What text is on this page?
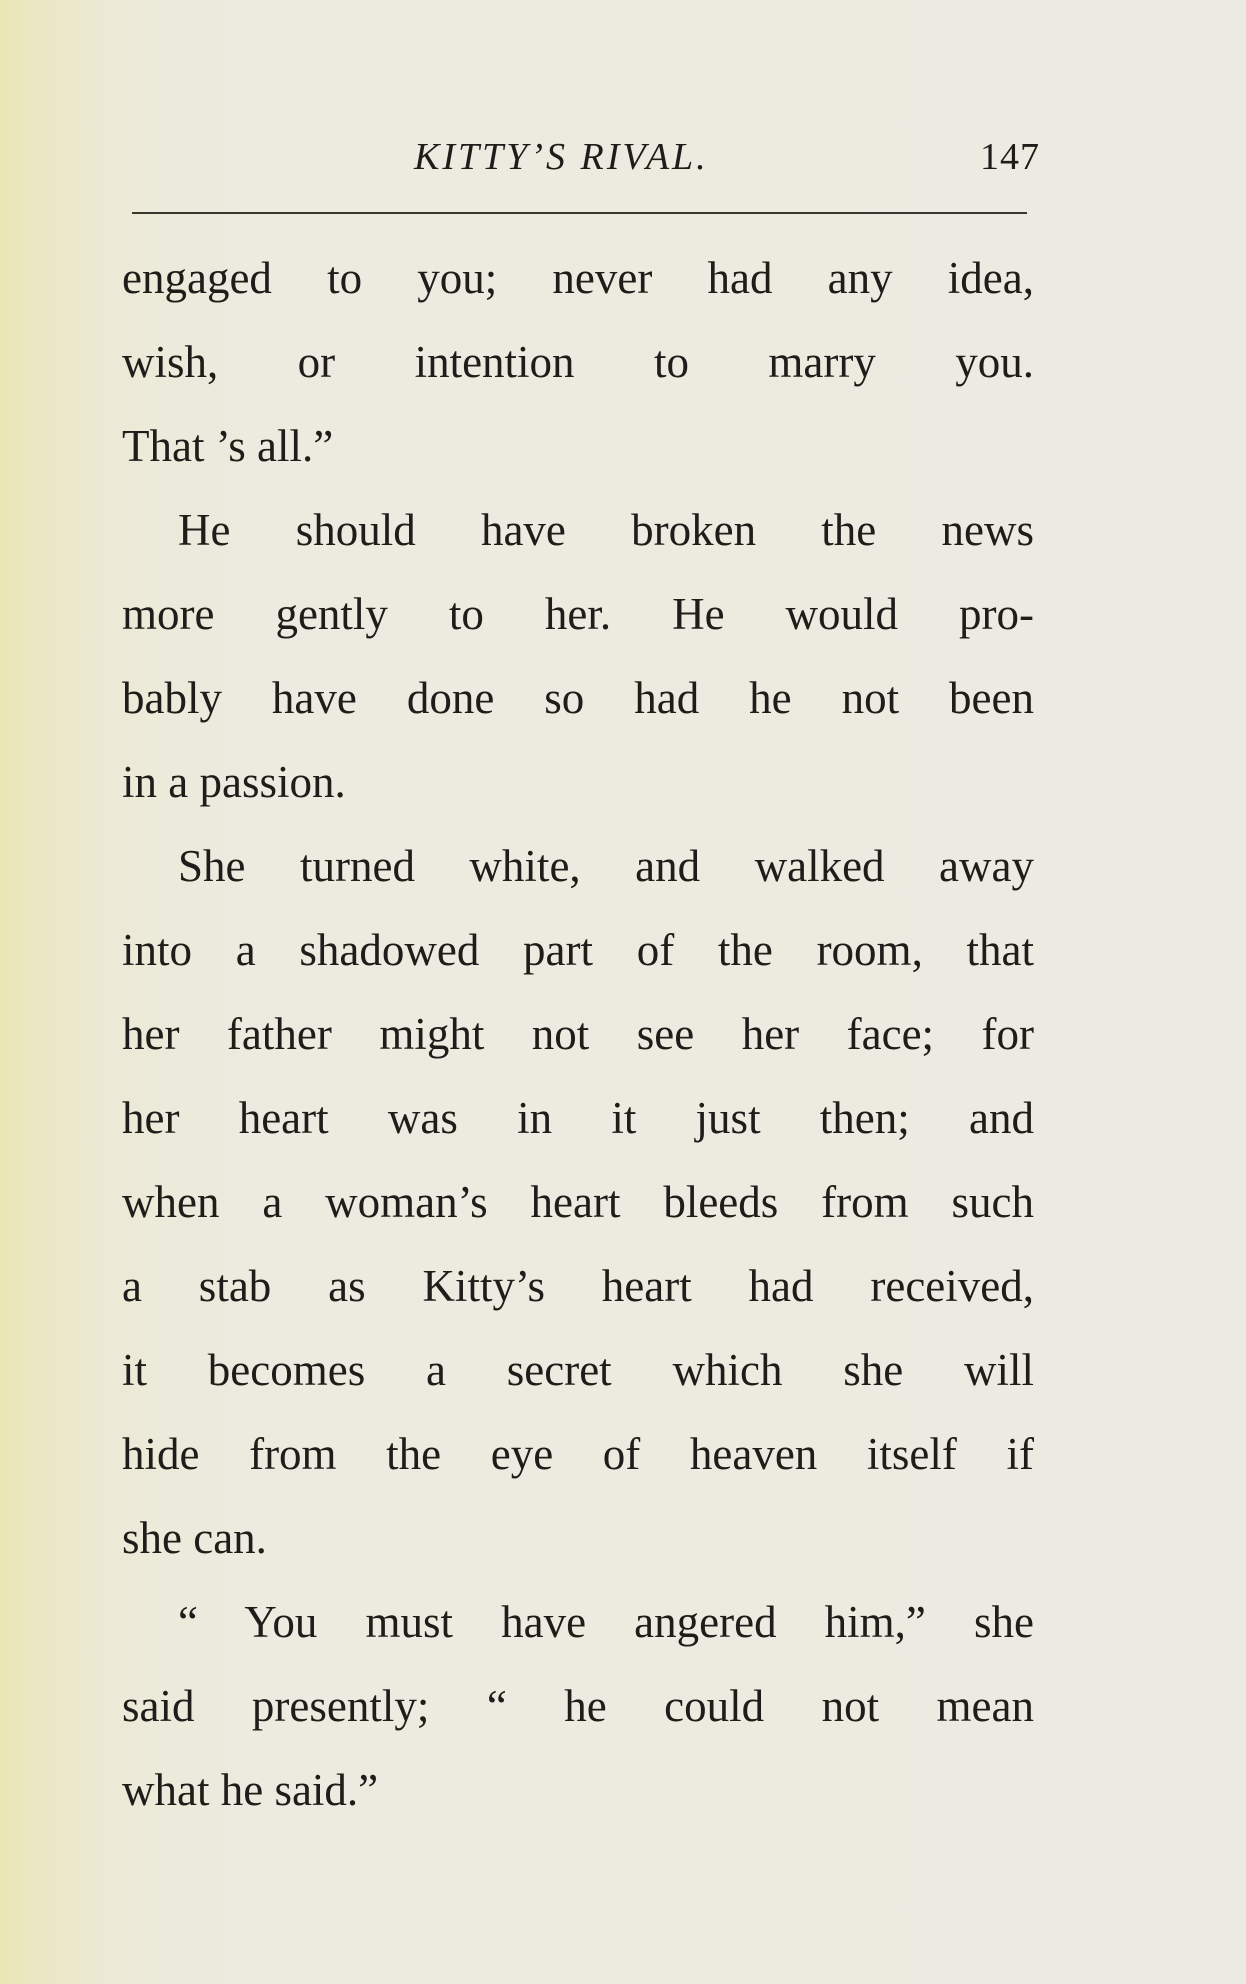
KITTY’S RIVAL.	147
engaged to you; never had any idea,
wish, or intention to marry you.
That ’s all.”
He should have broken the news
more gently to her. He would pro-
bably have done so had he not been
in a passion.
She turned white, and walked away
into a shadowed part of the room, that
her father might not see her face; for
her heart was in it just then; and
when a woman’s heart bleeds from such
a stab as Kitty’s heart had received,
it becomes a secret which she will
hide from the eye of heaven itself if
she can.
“ You must have angered him,” she
said presently; “ he could not mean
what he said.”
